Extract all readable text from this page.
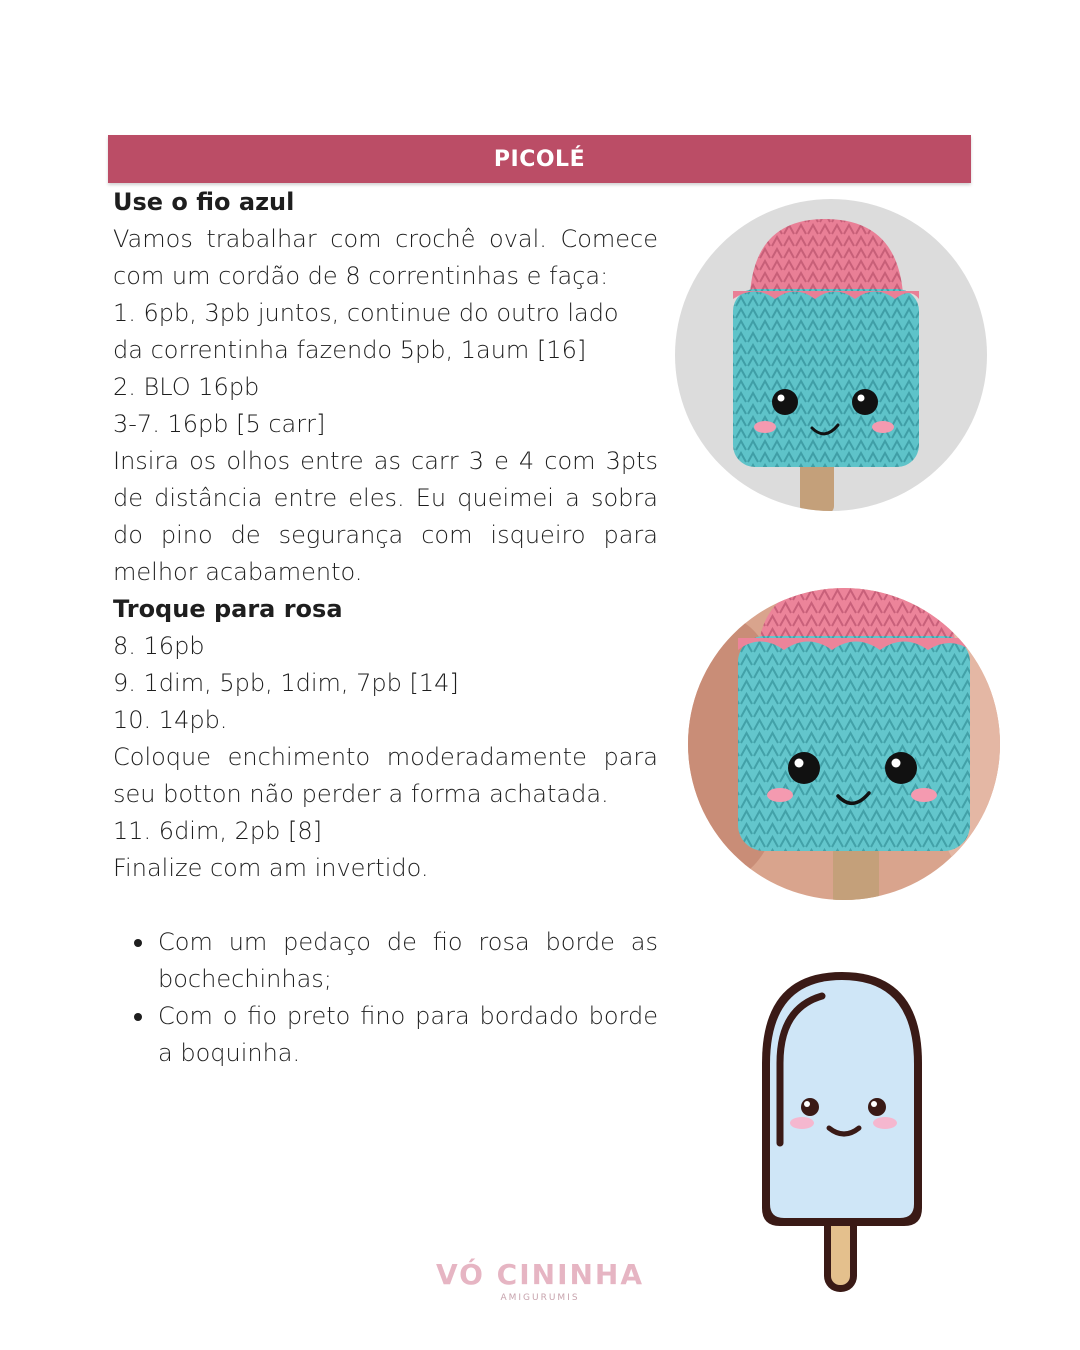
PICOLÉ
Use o fio azul
Vamos trabalhar com crochê oval. Comece com um cordão de 8 correntinhas e faça:
1. 6pb, 3pb juntos, continue do outro lado
da correntinha fazendo 5pb, 1aum [16]
2. BLO 16pb
3-7. 16pb [5 carr]
Insira os olhos entre as carr 3 e 4 com 3pts de distância entre eles. Eu queimei a sobra do pino de segurança com isqueiro para melhor acabamento.
Troque para rosa
8. 16pb
9. 1dim, 5pb, 1dim, 7pb [14]
10. 14pb.
Coloque enchimento moderadamente para seu botton não perder a forma achatada.
11. 6dim, 2pb [8]
Finalize com am invertido.
Com um pedaço de fio rosa borde as bochechinhas;
Com o fio preto fino para bordado borde a boquinha.
VÓ CININHA
AMIGURUMIS
